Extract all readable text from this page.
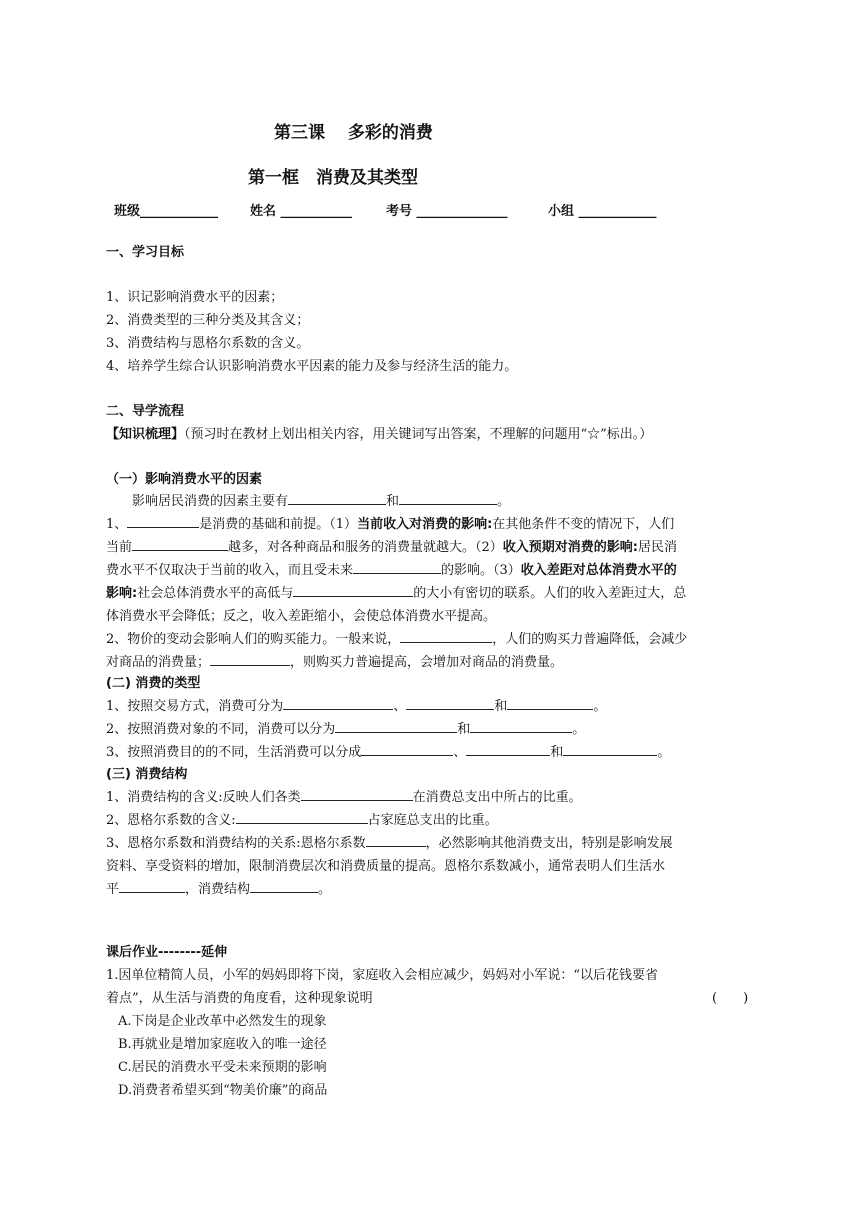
第三课　 多彩的消费
第一框　消费及其类型
班级____________ 姓名 ___________	考号 ______________	小组 ____________
一、学习目标
1、识记影响消费水平的因素；
2、消费类型的三种分类及其含义；
3、消费结构与恩格尔系数的含义。
4、培养学生综合认识影响消费水平因素的能力及参与经济生活的能力。
二、导学流程
【知识梳理】（预习时在教材上划出相关内容，用关键词写出答案，不理解的问题用“☆”标出。）
（一）影响消费水平的因素
　　影响居民消费的因素主要有	和	。
1、	是消费的基础和前提。（1）当前收入对消费的影响:在其他条件不变的情况下，人们
当前	越多，对各种商品和服务的消费量就越大。（2）收入预期对消费的影响:居民消
费水平不仅取决于当前的收入，而且受未来	的影响。（3）收入差距对总体消费水平的
影响:社会总体消费水平的高低与	的大小有密切的联系。人们的收入差距过大，总
体消费水平会降低；反之，收入差距缩小，会使总体消费水平提高。
2、物价的变动会影响人们的购买能力。一般来说，	，人们的购买力普遍降低，会减少
对商品的消费量；	，则购买力普遍提高，会增加对商品的消费量。
(二) 消费的类型
1、按照交易方式，消费可分为	、	和	。
2、按照消费对象的不同，消费可以分为	和	。
3、按照消费目的的不同，生活消费可以分成	、	和	。
(三) 消费结构
1、消费结构的含义:反映人们各类	在消费总支出中所占的比重。
2、恩格尔系数的含义:	占家庭总支出的比重。
3、恩格尔系数和消费结构的关系:恩格尔系数	，必然影响其他消费支出，特别是影响发展
资料、享受资料的增加，限制消费层次和消费质量的提高。恩格尔系数减小，通常表明人们生活水
平	，消费结构	。
课后作业--------延伸
1.因单位精简人员，小军的妈妈即将下岗，家庭收入会相应减少，妈妈对小军说：“以后花钱要省
着点”，从生活与消费的角度看，这种现象说明	(　　)
A.下岗是企业改革中必然发生的现象
B.再就业是增加家庭收入的唯一途径
C.居民的消费水平受未来预期的影响
D.消费者希望买到“物美价廉”的商品
